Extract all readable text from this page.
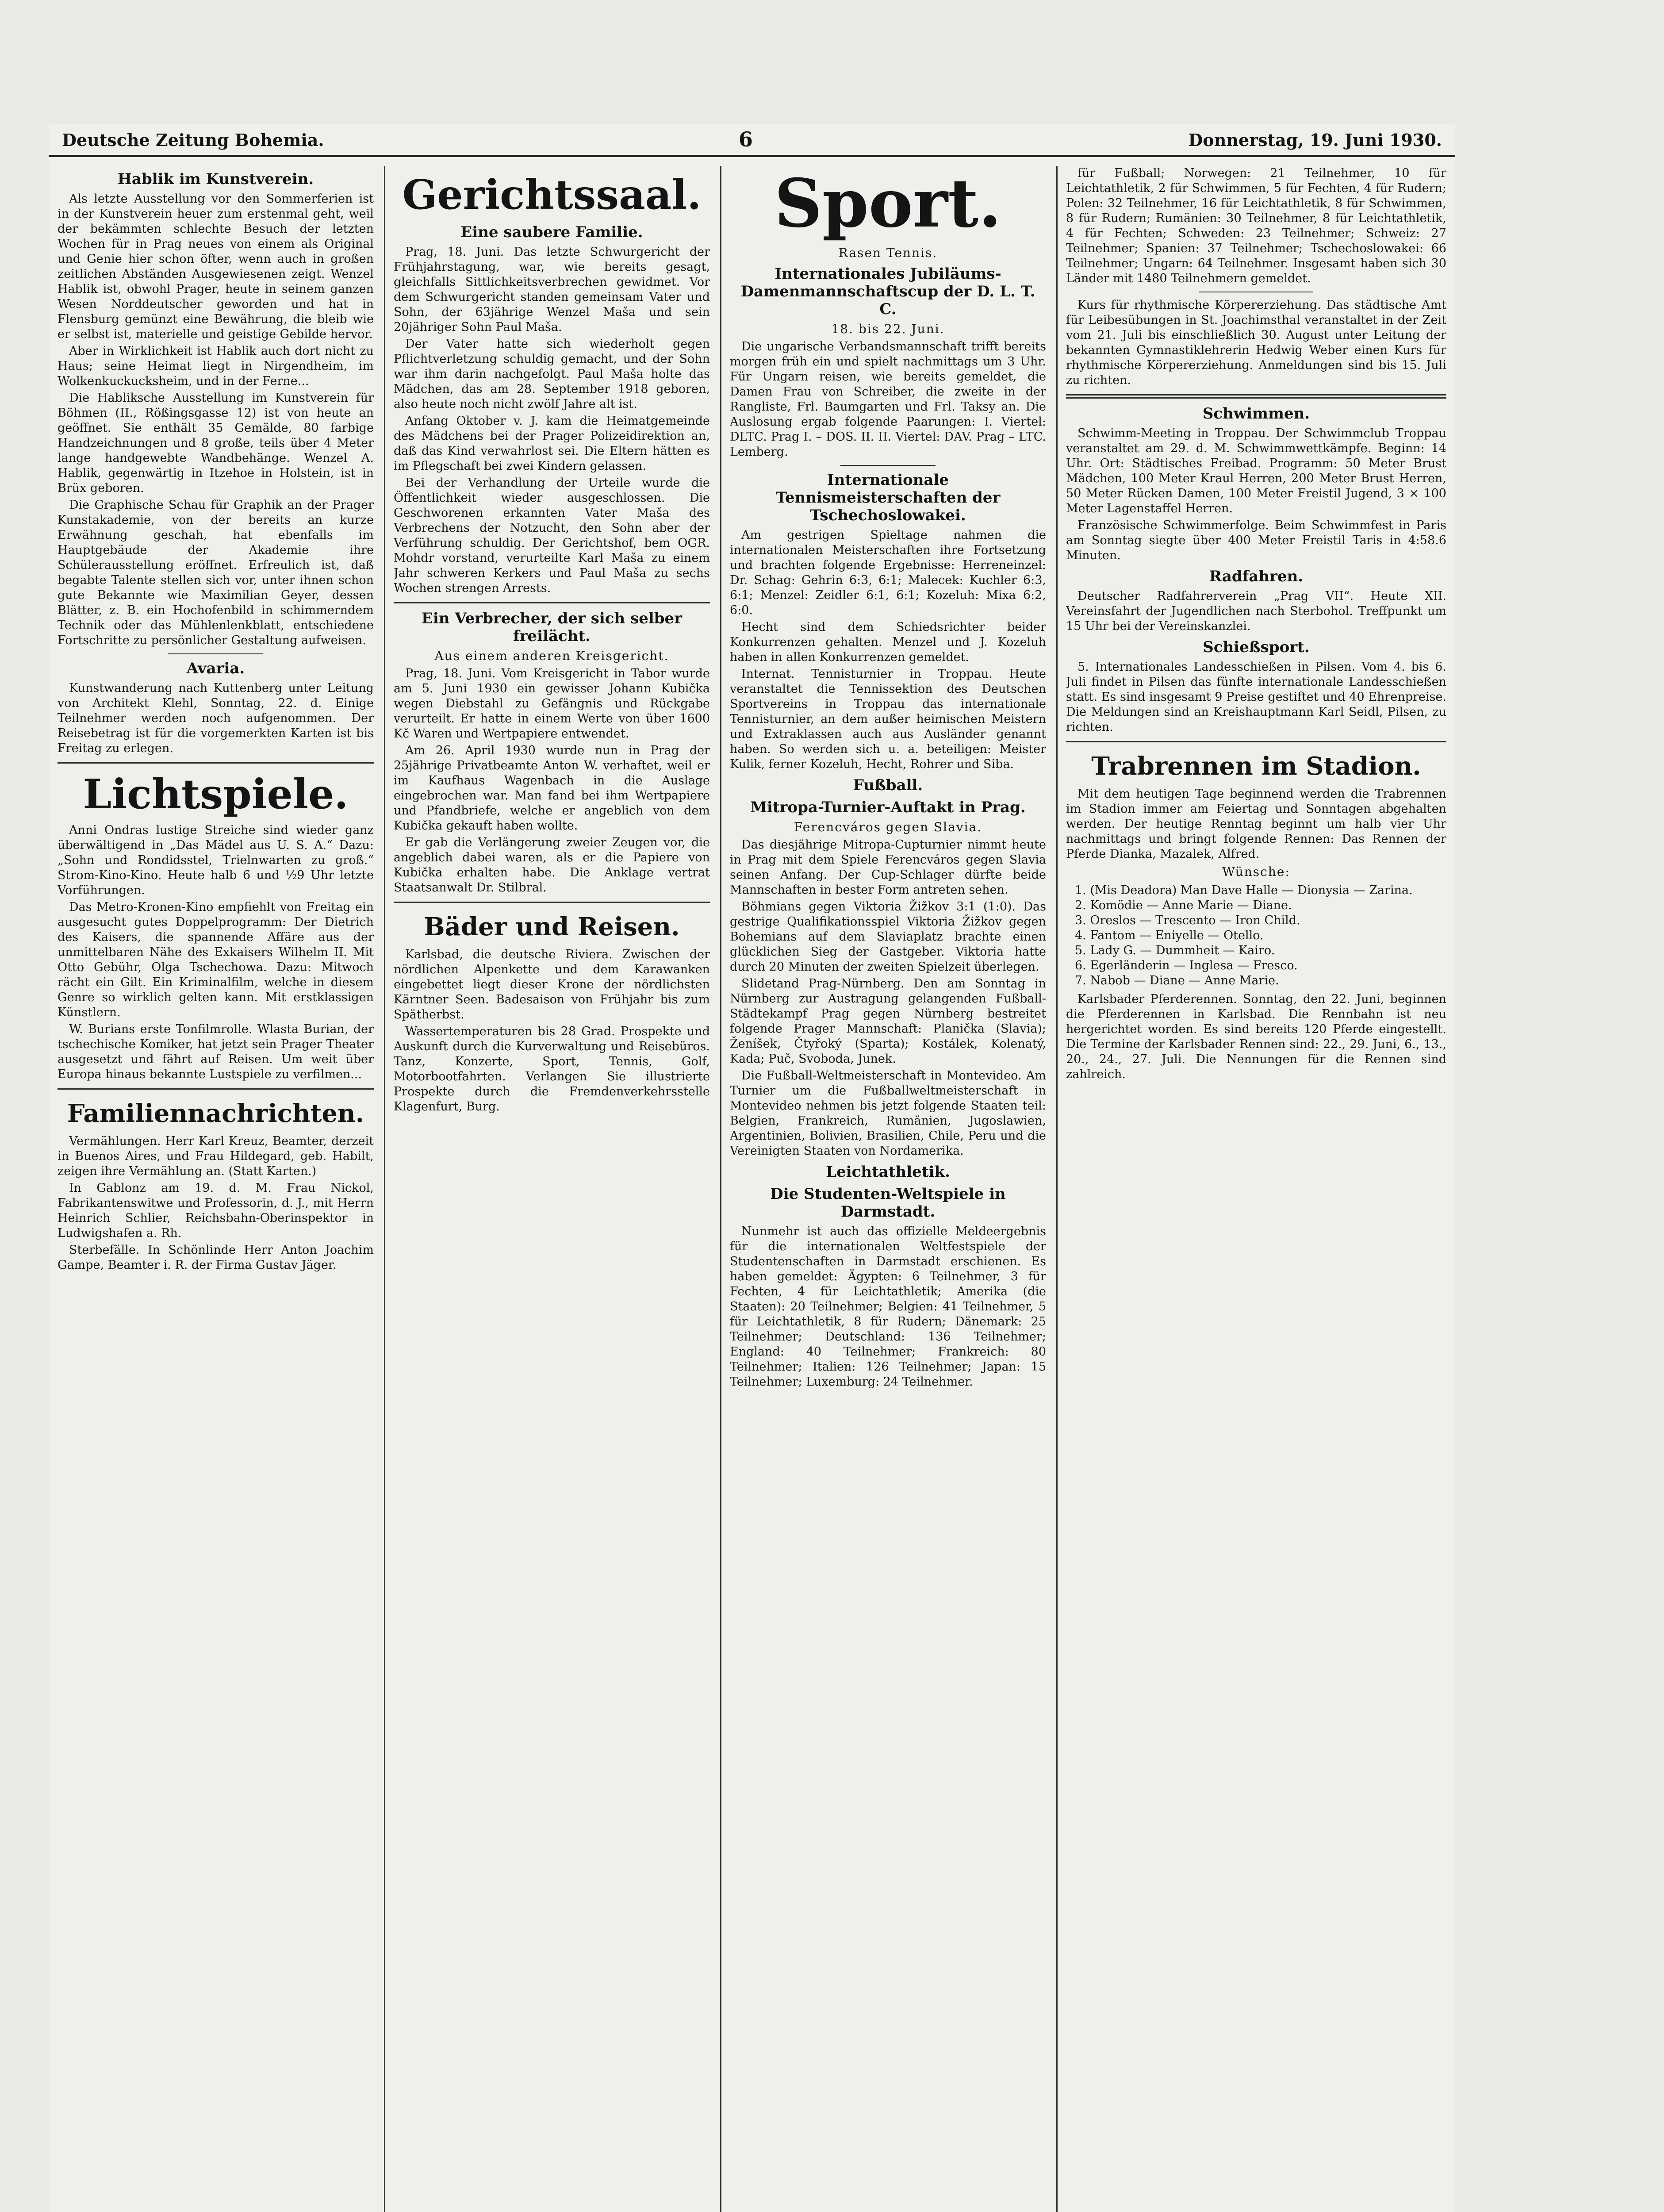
Deutsche Zeitung Bohemia.	6	Donnerstag, 19. Juni 1930.
Hablik im Kunstverein.

Als letzte Ausstellung vor den Sommerferien ist in der Kunstverein heuer zum erstenmal geht, weil der bekämmten schlechte Besuch der letzten Wochen für in Prag neues von einem als Original und Genie hier schon öfter, wenn auch in großen zeitlichen Abständen Ausgewiesenen zeigt. Wenzel Hablik ist, obwohl Prager, heute in seinem ganzen Wesen Norddeutscher geworden und hat in Flensburg gemünzt eine Bewährung, die bleib wie er selbst ist, materielle und geistige Gebilde hervor.

Aber in Wirklichkeit ist Hablik auch dort nicht zu Haus; seine Heimat liegt in Nirgendheim, im Wolkenkuckucksheim, und in der Ferne...

Die Habliksche Ausstellung im Kunstverein für Böhmen (II., Rößingsgasse 12) ist von heute an geöffnet. Sie enthält 35 Gemälde, 80 farbige Handzeichnungen und 8 große, teils über 4 Meter lange handgewebte Wandbehänge. Wenzel A. Hablik, gegenwärtig in Itzehoe in Holstein, ist in Brüx geboren.

Die Graphische Schau für Graphik an der Prager Kunstakademie, von der bereits an kurze Erwähnung geschah, hat ebenfalls im Hauptgebäude der Akademie ihre Schülerausstellung eröffnet. Erfreulich ist, daß begabte Talente stellen sich vor, unter ihnen schon gute Bekannte wie Maximilian Geyer, dessen Blätter, z. B. ein Hochofenbild in schimmerndem Technik oder das Mühlenlenkblatt, entschiedene Fortschritte zu persönlicher Gestaltung aufweisen.

Avaria.

Kunstwanderung nach Kuttenberg unter Leitung von Architekt Klehl, Sonntag, 22. d. Einige Teilnehmer werden noch aufgenommen. Der Reisebetrag ist für die vorgemerkten Karten ist bis Freitag zu erlegen.

Lichtspiele.

Anni Ondras lustige Streiche sind wieder ganz überwältigend in „Das Mädel aus U. S. A.“ Dazu: „Sohn und Rondidsstel, Trielnwarten zu groß.“ Strom-Kino-Kino. Heute halb 6 und ½9 Uhr letzte Vorführungen.

Das Metro-Kronen-Kino empfiehlt von Freitag ein ausgesucht gutes Doppelprogramm: Der Dietrich des Kaisers, die spannende Affäre aus der unmittelbaren Nähe des Exkaisers Wilhelm II. Mit Otto Gebühr, Olga Tschechowa. Dazu: Mitwoch rächt ein Gilt. Ein Kriminalfilm, welche in diesem Genre so wirklich gelten kann. Mit erstklassigen Künstlern.

W. Burians erste Tonfilmrolle. Wlasta Burian, der tschechische Komiker, hat jetzt sein Prager Theater ausgesetzt und fährt auf Reisen. Um weit über Europa hinaus bekannte Lustspiele zu verfilmen...

Familiennachrichten.

Vermählungen. Herr Karl Kreuz, Beamter, derzeit in Buenos Aires, und Frau Hildegard, geb. Habilt, zeigen ihre Vermählung an. (Statt Karten.)

In Gablonz am 19. d. M. Frau Nickol, Fabrikantenswitwe und Professorin, d. J., mit Herrn Heinrich Schlier, Reichsbahn-Oberinspektor in Ludwigshafen a. Rh.

Sterbefälle. In Schönlinde Herr Anton Joachim Gampe, Beamter i. R. der Firma Gustav Jäger.

Gerichtssaal.
Eine saubere Familie.

Prag, 18. Juni. Das letzte Schwurgericht der Frühjahrstagung, war, wie bereits gesagt, gleichfalls Sittlichkeitsverbrechen gewidmet. Vor dem Schwurgericht standen gemeinsam Vater und Sohn, der 63jährige Wenzel Maša und sein 20jähriger Sohn Paul Maša.

Der Vater hatte sich wiederholt gegen Pflichtverletzung schuldig gemacht, und der Sohn war ihm darin nachgefolgt. Paul Maša holte das Mädchen, das am 28. September 1918 geboren, also heute noch nicht zwölf Jahre alt ist.

Anfang Oktober v. J. kam die Heimatgemeinde des Mädchens bei der Prager Polizeidirektion an, daß das Kind verwahrlost sei. Die Eltern hätten es im Pflegschaft bei zwei Kindern gelassen.

Bei der Verhandlung der Urteile wurde die Öffentlichkeit wieder ausgeschlossen. Die Geschworenen erkannten Vater Maša des Verbrechens der Notzucht, den Sohn aber der Verführung schuldig. Der Gerichtshof, bem OGR. Mohdr vorstand, verurteilte Karl Maša zu einem Jahr schweren Kerkers und Paul Maša zu sechs Wochen strengen Arrests.

Ein Verbrecher, der sich selber freilächt.
Aus einem anderen Kreisgericht.

Prag, 18. Juni. Vom Kreisgericht in Tabor wurde am 5. Juni 1930 ein gewisser Johann Kubička wegen Diebstahl zu Gefängnis und Rückgabe verurteilt. Er hatte in einem Werte von über 1600 Kč Waren und Wertpapiere entwendet.

Am 26. April 1930 wurde nun in Prag der 25jährige Privatbeamte Anton W. verhaftet, weil er im Kaufhaus Wagenbach in die Auslage eingebrochen war. Man fand bei ihm Wertpapiere und Pfandbriefe, welche er angeblich von dem Kubička gekauft haben wollte.

Er gab die Verlängerung zweier Zeugen vor, die angeblich dabei waren, als er die Papiere von Kubička erhalten habe. Die Anklage vertrat Staatsanwalt Dr. Stilbral.

Bäder und Reisen.

Karlsbad, die deutsche Riviera. Zwischen der nördlichen Alpenkette und dem Karawanken eingebettet liegt dieser Krone der nördlichsten Kärntner Seen. Badesaison von Frühjahr bis zum Spätherbst.

Wassertemperaturen bis 28 Grad. Prospekte und Auskunft durch die Kurverwaltung und Reisebüros. Tanz, Konzerte, Sport, Tennis, Golf, Motorbootfahrten. Verlangen Sie illustrierte Prospekte durch die Fremdenverkehrsstelle Klagenfurt, Burg.

Sport.
Rasen Tennis.
Internationales Jubiläums-Damenmannschaftscup der D. L. T. C.
18. bis 22. Juni.

Die ungarische Verbandsmannschaft trifft bereits morgen früh ein und spielt nachmittags um 3 Uhr. Für Ungarn reisen, wie bereits gemeldet, die Damen Frau von Schreiber, die zweite in der Rangliste, Frl. Baumgarten und Frl. Taksy an. Die Auslosung ergab folgende Paarungen: I. Viertel: DLTC. Prag I. – DOS. II. II. Viertel: DAV. Prag – LTC. Lemberg.

Internationale Tennismeisterschaften der Tschechoslowakei.

Am gestrigen Spieltage nahmen die internationalen Meisterschaften ihre Fortsetzung und brachten folgende Ergebnisse: Herreneinzel: Dr. Schag: Gehrin 6:3, 6:1; Malecek: Kuchler 6:3, 6:1; Menzel: Zeidler 6:1, 6:1; Kozeluh: Mixa 6:2, 6:0.

Hecht sind dem Schiedsrichter beider Konkurrenzen gehalten. Menzel und J. Kozeluh haben in allen Konkurrenzen gemeldet.

Internat. Tennisturnier in Troppau. Heute veranstaltet die Tennissektion des Deutschen Sportvereins in Troppau das internationale Tennisturnier, an dem außer heimischen Meistern und Extraklassen auch aus Ausländer genannt haben. So werden sich u. a. beteiligen: Meister Kulik, ferner Kozeluh, Hecht, Rohrer und Siba.

Fußball.
Mitropa-Turnier-Auftakt in Prag.
Ferencváros gegen Slavia.

Das diesjährige Mitropa-Cupturnier nimmt heute in Prag mit dem Spiele Ferencváros gegen Slavia seinen Anfang. Der Cup-Schlager dürfte beide Mannschaften in bester Form antreten sehen.

Böhmians gegen Viktoria Žižkov 3:1 (1:0). Das gestrige Qualifikationsspiel Viktoria Žižkov gegen Bohemians auf dem Slaviaplatz brachte einen glücklichen Sieg der Gastgeber. Viktoria hatte durch 20 Minuten der zweiten Spielzeit überlegen.

Slidetand Prag-Nürnberg. Den am Sonntag in Nürnberg zur Austragung gelangenden Fußball-Städtekampf Prag gegen Nürnberg bestreitet folgende Prager Mannschaft: Planička (Slavia); Ženíšek, Čtyřoký (Sparta); Kostálek, Kolenatý, Kada; Puč, Svoboda, Junek.

Die Fußball-Weltmeisterschaft in Montevideo. Am Turnier um die Fußballweltmeisterschaft in Montevideo nehmen bis jetzt folgende Staaten teil: Belgien, Frankreich, Rumänien, Jugoslawien, Argentinien, Bolivien, Brasilien, Chile, Peru und die Vereinigten Staaten von Nordamerika.

Leichtathletik.
Die Studenten-Weltspiele in Darmstadt.

Nunmehr ist auch das offizielle Meldeergebnis für die internationalen Weltfestspiele der Studentenschaften in Darmstadt erschienen. Es haben gemeldet: Ägypten: 6 Teilnehmer, 3 für Fechten, 4 für Leichtathletik; Amerika (die Staaten): 20 Teilnehmer; Belgien: 41 Teilnehmer, 5 für Leichtathletik, 8 für Rudern; Dänemark: 25 Teilnehmer; Deutschland: 136 Teilnehmer; England: 40 Teilnehmer; Frankreich: 80 Teilnehmer; Italien: 126 Teilnehmer; Japan: 15 Teilnehmer; Luxemburg: 24 Teilnehmer.

für Fußball; Norwegen: 21 Teilnehmer, 10 für Leichtathletik, 2 für Schwimmen, 5 für Fechten, 4 für Rudern; Polen: 32 Teilnehmer, 16 für Leichtathletik, 8 für Schwimmen, 8 für Rudern; Rumänien: 30 Teilnehmer, 8 für Leichtathletik, 4 für Fechten; Schweden: 23 Teilnehmer; Schweiz: 27 Teilnehmer; Spanien: 37 Teilnehmer; Tschechoslowakei: 66 Teilnehmer; Ungarn: 64 Teilnehmer. Insgesamt haben sich 30 Länder mit 1480 Teilnehmern gemeldet.

Kurs für rhythmische Körpererziehung. Das städtische Amt für Leibesübungen in St. Joachimsthal veranstaltet in der Zeit vom 21. Juli bis einschließlich 30. August unter Leitung der bekannten Gymnastiklehrerin Hedwig Weber einen Kurs für rhythmische Körpererziehung. Anmeldungen sind bis 15. Juli zu richten.

Schwimmen.

Schwimm-Meeting in Troppau. Der Schwimmclub Troppau veranstaltet am 29. d. M. Schwimmwettkämpfe. Beginn: 14 Uhr. Ort: Städtisches Freibad. Programm: 50 Meter Brust Mädchen, 100 Meter Kraul Herren, 200 Meter Brust Herren, 50 Meter Rücken Damen, 100 Meter Freistil Jugend, 3 × 100 Meter Lagenstaffel Herren.

Französische Schwimmerfolge. Beim Schwimmfest in Paris am Sonntag siegte über 400 Meter Freistil Taris in 4:58.6 Minuten.

Radfahren.

Deutscher Radfahrerverein „Prag VII“. Heute XII. Vereinsfahrt der Jugendlichen nach Sterbohol. Treffpunkt um 15 Uhr bei der Vereinskanzlei.

Schießsport.

5. Internationales Landesschießen in Pilsen. Vom 4. bis 6. Juli findet in Pilsen das fünfte internationale Landesschießen statt. Es sind insgesamt 9 Preise gestiftet und 40 Ehrenpreise. Die Meldungen sind an Kreishauptmann Karl Seidl, Pilsen, zu richten.

Trabrennen im Stadion.

Mit dem heutigen Tage beginnend werden die Trabrennen im Stadion immer am Feiertag und Sonntagen abgehalten werden. Der heutige Renntag beginnt um halb vier Uhr nachmittags und bringt folgende Rennen: Das Rennen der Pferde Dianka, Mazalek, Alfred.

Wünsche:
1. (Mis Deadora) Man Dave Halle — Dionysia — Zarina.
2. Komödie — Anne Marie — Diane.
3. Oreslos — Trescento — Iron Child.
4. Fantom — Eniyelle — Otello.
5. Lady G. — Dummheit — Kairo.
6. Egerländerin — Inglesa — Fresco.
7. Nabob — Diane — Anne Marie.

Karlsbader Pferderennen. Sonntag, den 22. Juni, beginnen die Pferderennen in Karlsbad. Die Rennbahn ist neu hergerichtet worden. Es sind bereits 120 Pferde eingestellt. Die Termine der Karlsbader Rennen sind: 22., 29. Juni, 6., 13., 20., 24., 27. Juli. Die Nennungen für die Rennen sind zahlreich.
